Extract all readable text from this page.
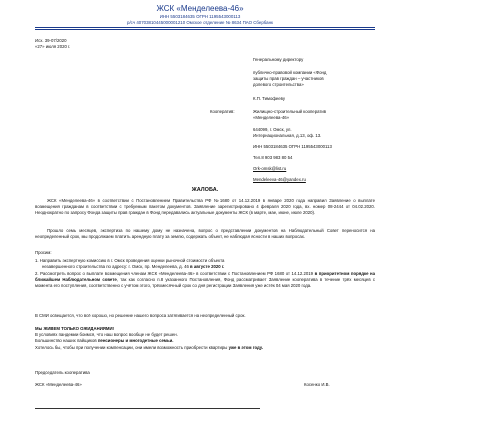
ЖСК «Менделеева-46»
ИНН 5503184635 ОГРН 1195543000113
р/сч 40703810445000001210 Омское отделение № 8634 ПАО Сбербанк
Исх. 39-07/2020
«27» июля 2020 г.
Генеральному директору
публично-правовой компании «Фонд
защиты прав граждан – участников
долевого строительства»
К.П. Тимофееву
Кооператив:	Жилищно-строительный кооператив
«Менделеева-46»
644099, г. Омск, ул.
Интернациональная, д.13, оф. 13.
ИНН 5503184635 ОГРН 1195543000113
Тел.8 903 983 80 54
Ork-omsk@list.ru
Mendeleeva-46@yandex.ru
ЖАЛОБА.
ЖСК «Менделеева-46» в соответствии с Постановлением Правительства РФ №1680 от 14.12.2019 в январе 2020 года направил Заявление о выплате возмещения гражданам в соответствии с требуемым пакетом документов. Заявление зарегистрировано 4 февраля 2020 года, вх. номер 08-2444 от 04.02.2020. Неоднократно по запросу Фонда защиты прав граждан в Фонд передавались актуальные документы ЖСК (в марте, мае, июне, июле 2020).
Прошло семь месяцев, экспертиза по нашему дому не назначена, вопрос о представлении документов на Наблюдательный Совет переносится на неопределенный срок, мы продолжаем платить арендную плату за землю, содержать объект, не наблюдая ясности в наших вопросах.
Просим:
1. Направить экспертную комиссию в г. Омск проведения оценки рыночной стоимости объекта
незавершенного строительства по адресу: г. Омск, пр. Менделеева, д. 46 в августе 2020 г.
2. Рассмотреть вопрос о выплате возмещения членам ЖСК «Менделеева-46» в соответствии с Постановлением РФ 1680 от 14.12.2019 в приоритетном порядке на ближайшем Наблюдательном совете, так как согласно п.8 указанного Постановления, Фонд рассматривает Заявление кооператива в течение трёх месяцев с момента его поступления, соответственно с учётом этого, трёхмесячный срок со дня регистрации Заявления уже истёк 04 мая 2020 года.
В СМИ освещается, что всё хорошо, но решение нашего вопроса затягивается на неопределенный срок.
Мы ЖИВЕМ ТОЛЬКО ОЖИДАНИЯМИ!
В условиях пандемии боимся, что наш вопрос вообще не будет решен.
Большинство наших пайщиков пенсионеры и многодетные семьи.
Хотелось бы, чтобы при получении компенсации, они имели возможность приобрести квартиры уже в этом году.
Председатель кооператива
ЖСК «Менделеева-46»	Косенко И.В.
